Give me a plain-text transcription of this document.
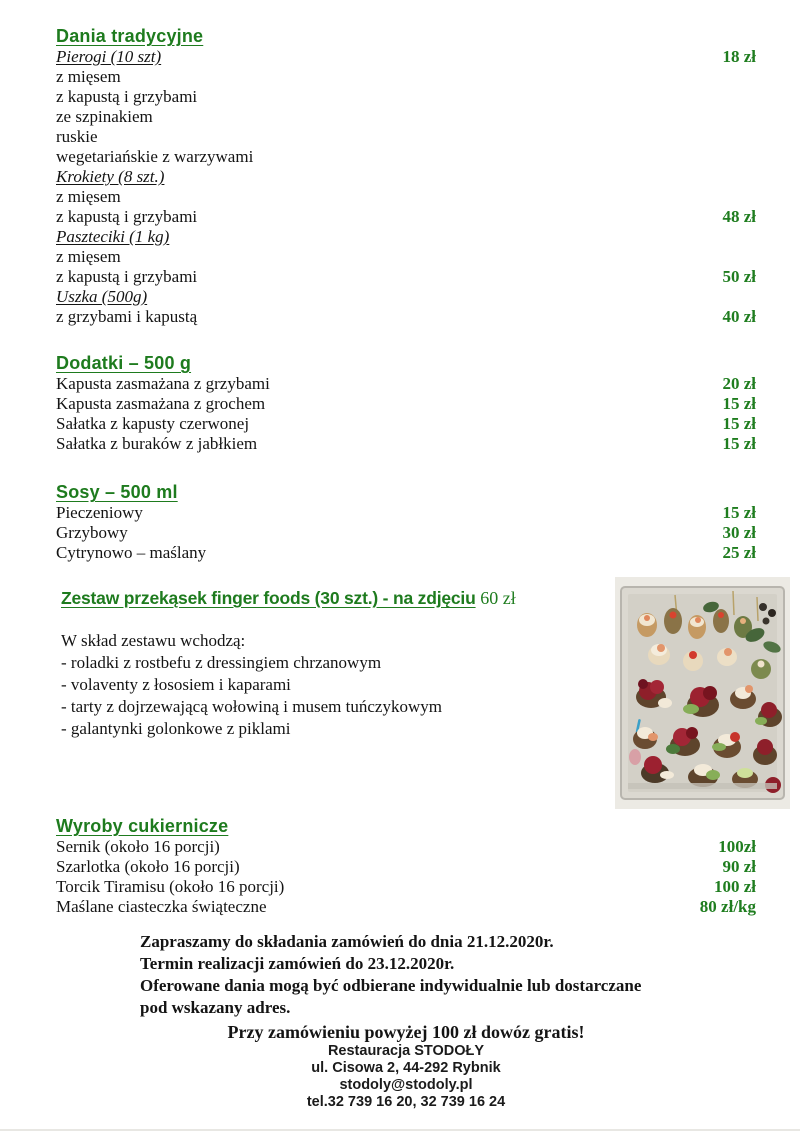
Dania tradycyjne
Pierogi (10 szt)	18 zł
z mięsem
z kapustą i grzybami
ze szpinakiem
ruskie
wegetariańskie z warzywami
Krokiety (8 szt.)
z mięsem
z kapustą i grzybami	48 zł
Paszteciki (1 kg)
z mięsem
z kapustą i grzybami	50 zł
Uszka (500g)
z grzybami i kapustą	40 zł
Dodatki – 500 g
Kapusta zasmażana z grzybami	20 zł
Kapusta zasmażana z grochem	15 zł
Sałatka z kapusty czerwonej	15 zł
Sałatka z buraków z jabłkiem	15 zł
Sosy – 500 ml
Pieczeniowy	15 zł
Grzybowy	30 zł
Cytrynowo – maślany	25 zł
Zestaw przekąsek finger foods (30 szt.) - na zdjęciu 60 zł

W skład zestawu wchodzą:

- roladki z rostbefu z dressingiem chrzanowym
- volaventy z łososiem i kaparami
- tarty z dojrzewającą wołowiną i musem tuńczykowym
- galantynki golonkowe z piklami
Wyroby cukiernicze
Sernik (około 16 porcji)	100zł
Szarlotka (około 16 porcji)	90 zł
Torcik Tiramisu (około 16 porcji)	100 zł
Maślane ciasteczka świąteczne	80 zł/kg
Zapraszamy do składania zamówień do dnia 21.12.2020r.
Termin realizacji zamówień do 23.12.2020r.
Oferowane dania mogą być odbierane indywidualnie lub dostarczane
pod wskazany adres.
Przy zamówieniu powyżej 100 zł dowóz gratis!
Restauracja STODOŁY
ul. Cisowa 2, 44-292 Rybnik
stodoly@stodoly.pl
tel.32 739 16 20, 32 739 16 24
